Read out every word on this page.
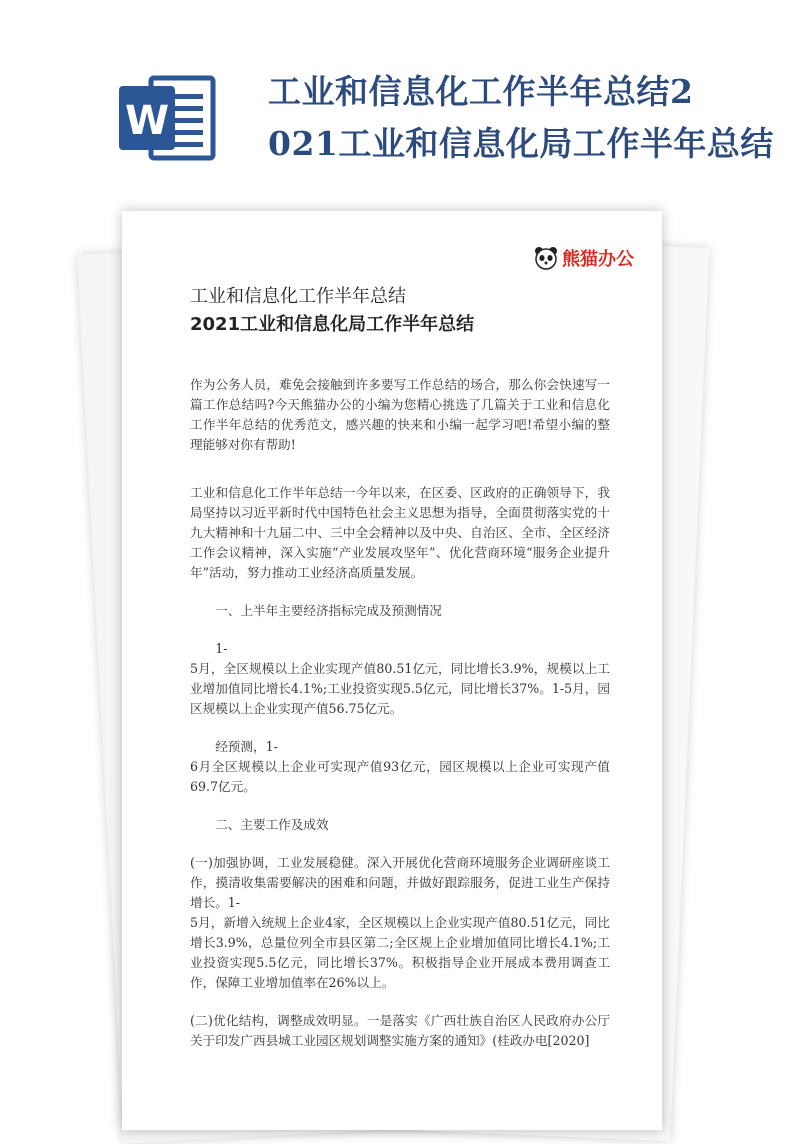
W
工业和信息化工作半年总结2
021工业和信息化局工作半年总结
熊猫办公
工业和信息化工作半年总结
2021工业和信息化局工作半年总结

作为公务人员，难免会接触到许多要写工作总结的场合，那么你会快速写一篇工作总结吗?今天熊猫办公的小编为您精心挑选了几篇关于工业和信息化工作半年总结的优秀范文，感兴趣的快来和小编一起学习吧!希望小编的整理能够对你有帮助!

工业和信息化工作半年总结一今年以来，在区委、区政府的正确领导下，我局坚持以习近平新时代中国特色社会主义思想为指导，全面贯彻落实党的十九大精神和十九届二中、三中全会精神以及中央、自治区、全市、全区经济工作会议精神，深入实施“产业发展攻坚年”、优化营商环境“服务企业提升年”活动，努力推动工业经济高质量发展。

一、上半年主要经济指标完成及预测情况

1-
5月，全区规模以上企业实现产值80.51亿元，同比增长3.9%，规模以上工业增加值同比增长4.1%;工业投资实现5.5亿元，同比增长37%。1-5月，园区规模以上企业实现产值56.75亿元。
经预测，1-
6月全区规模以上企业可实现产值93亿元，园区规模以上企业可实现产值69.7亿元。

二、主要工作及成效

(一)加强协调，工业发展稳健。深入开展优化营商环境服务企业调研座谈工作，摸清收集需要解决的困难和问题，并做好跟踪服务，促进工业生产保持增长。1-
5月，新增入统规上企业4家，全区规模以上企业实现产值80.51亿元，同比增长3.9%，总量位列全市县区第二;全区规上企业增加值同比增长4.1%;工业投资实现5.5亿元，同比增长37%。积极指导企业开展成本费用调查工作，保障工业增加值率在26%以上。

(二)优化结构，调整成效明显。一是落实《广西壮族自治区人民政府办公厅关于印发广西县城工业园区规划调整实施方案的通知》(桂政办电[2020]
